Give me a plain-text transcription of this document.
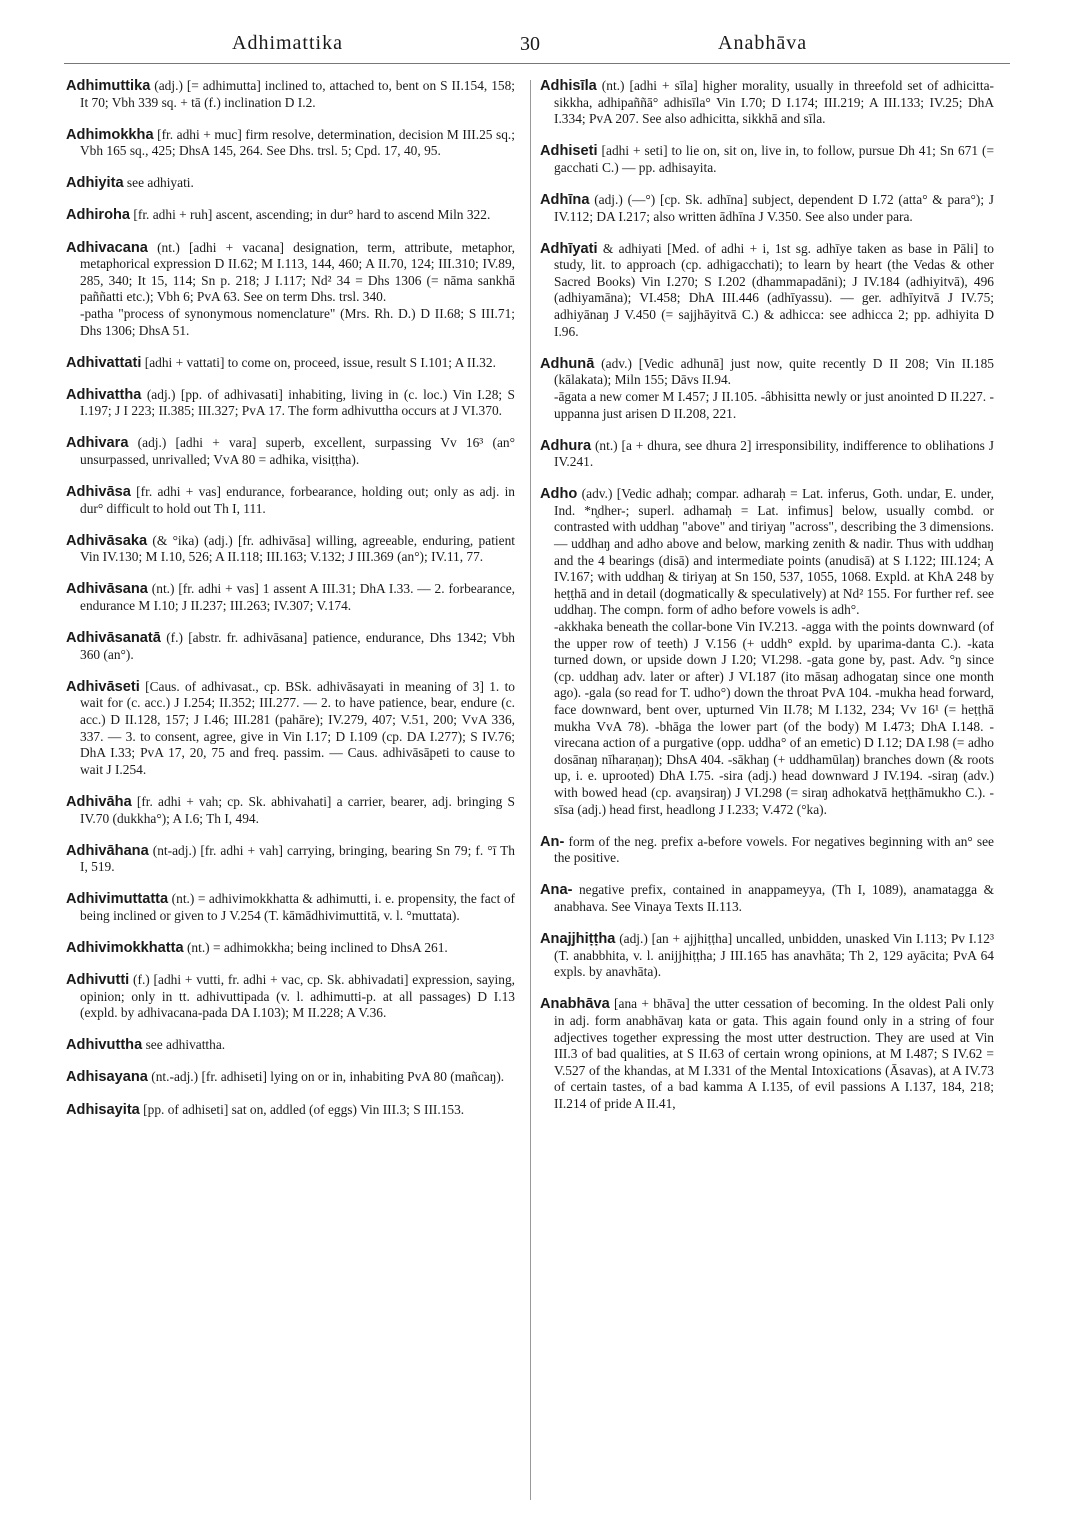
Adhimattika	30	Anabhāva

Adhimuttika (adj.) [= adhimutta] inclined to, attached to, bent on S II.154, 158; It 70; Vbh 339 sq. + tā (f.) inclination D I.2.

Adhimokkha [fr. adhi + muc] firm resolve, determination, decision M III.25 sq.; Vbh 165 sq., 425; DhsA 145, 264. See Dhs. trsl. 5; Cpd. 17, 40, 95.

Adhiyita see adhiyati.

Adhiroha [fr. adhi + ruh] ascent, ascending; in dur° hard to ascend Miln 322.

Adhivacana (nt.) [adhi + vacana] designation, term, attribute, metaphor, metaphorical expression D II.62; M I.113, 144, 460; A II.70, 124; III.310; IV.89, 285, 340; It 15, 114; Sn p. 218; J I.117; Nd² 34 = Dhs 1306 (= nāma sankhā paññatti etc.); Vbh 6; PvA 63. See on term Dhs. trsl. 340.
-patha "process of synonymous nomenclature" (Mrs. Rh. D.) D II.68; S III.71; Dhs 1306; DhsA 51.

Adhivattati [adhi + vattati] to come on, proceed, issue, result S I.101; A II.32.

Adhivattha (adj.) [pp. of adhivasati] inhabiting, living in (c. loc.) Vin I.28; S I.197; J I 223; II.385; III.327; PvA 17. The form adhivuttha occurs at J VI.370.

Adhivara (adj.) [adhi + vara] superb, excellent, surpassing Vv 16³ (an° unsurpassed, unrivalled; VvA 80 = adhika, visiṭṭha).

Adhivāsa [fr. adhi + vas] endurance, forbearance, holding out; only as adj. in dur° difficult to hold out Th I, 111.

Adhivāsaka (& °ika) (adj.) [fr. adhivāsa] willing, agreeable, enduring, patient Vin IV.130; M I.10, 526; A II.118; III.163; V.132; J III.369 (an°); IV.11, 77.

Adhivāsana (nt.) [fr. adhi + vas] 1 assent A III.31; DhA I.33. — 2. forbearance, endurance M I.10; J II.237; III.263; IV.307; V.174.

Adhivāsanatā (f.) [abstr. fr. adhivāsana] patience, endurance, Dhs 1342; Vbh 360 (an°).

Adhivāseti [Caus. of adhivasat., cp. BSk. adhivāsayati in meaning of 3] 1. to wait for (c. acc.) J I.254; II.352; III.277. — 2. to have patience, bear, endure (c. acc.) D II.128, 157; J I.46; III.281 (pahāre); IV.279, 407; V.51, 200; VvA 336, 337. — 3. to consent, agree, give in Vin I.17; D I.109 (cp. DA I.277); S IV.76; DhA I.33; PvA 17, 20, 75 and freq. passim. — Caus. adhivāsāpeti to cause to wait J I.254.

Adhivāha [fr. adhi + vah; cp. Sk. abhivahati] a carrier, bearer, adj. bringing S IV.70 (dukkha°); A I.6; Th I, 494.

Adhivāhana (nt-adj.) [fr. adhi + vah] carrying, bringing, bearing Sn 79; f. °ī Th I, 519.

Adhivimuttatta (nt.) = adhivimokkhatta & adhimutti, i. e. propensity, the fact of being inclined or given to J V.254 (T. kāmādhivimuttitā, v. l. °muttata).

Adhivimokkhatta (nt.) = adhimokkha; being inclined to DhsA 261.

Adhivutti (f.) [adhi + vutti, fr. adhi + vac, cp. Sk. abhivadati] expression, saying, opinion; only in tt. adhivuttipada (v. l. adhimutti-p. at all passages) D I.13 (expld. by adhivacana-pada DA I.103); M II.228; A V.36.

Adhivuttha see adhivattha.

Adhisayana (nt.-adj.) [fr. adhiseti] lying on or in, inhabiting PvA 80 (mañcaŋ).

Adhisayita [pp. of adhiseti] sat on, addled (of eggs) Vin III.3; S III.153.

Adhisīla (nt.) [adhi + sīla] higher morality, usually in threefold set of adhicitta-sikkha, adhipaññā° adhisīla° Vin I.70; D I.174; III.219; A III.133; IV.25; DhA I.334; PvA 207. See also adhicitta, sikkhā and sīla.

Adhiseti [adhi + seti] to lie on, sit on, live in, to follow, pursue Dh 41; Sn 671 (= gacchati C.) — pp. adhisayita.

Adhīna (adj.) (—°) [cp. Sk. adhīna] subject, dependent D I.72 (atta° & para°); J IV.112; DA I.217; also written ādhīna J V.350. See also under para.

Adhīyati & adhiyati [Med. of adhi + i, 1st sg. adhīye taken as base in Pāli] to study, lit. to approach (cp. adhigacchati); to learn by heart (the Vedas & other Sacred Books) Vin I.270; S I.202 (dhammapadāni); J IV.184 (adhiyitvā), 496 (adhiyamāna); VI.458; DhA III.446 (adhīyassu). — ger. adhīyitvā J IV.75; adhiyānaŋ J V.450 (= sajjhāyitvā C.) & adhicca: see adhicca 2; pp. adhiyita D I.96.

Adhunā (adv.) [Vedic adhunā] just now, quite recently D II 208; Vin II.185 (kālakata); Miln 155; Dāvs II.94.
-āgata a new comer M I.457; J II.105. -âbhisitta newly or just anointed D II.227. -uppanna just arisen D II.208, 221.

Adhura (nt.) [a + dhura, see dhura 2] irresponsibility, indifference to oblihations J IV.241.

Adho (adv.) [Vedic adhaḥ; compar. adharaḥ = Lat. inferus, Goth. undar, E. under, Ind. *n̥dher-; superl. adhamaḥ = Lat. infimus] below, usually combd. or contrasted with uddhaŋ "above" and tiriyaŋ "across", describing the 3 dimensions. — uddhaŋ and adho above and below, marking zenith & nadir. Thus with uddhaŋ and the 4 bearings (disā) and intermediate points (anudisā) at S I.122; III.124; A IV.167; with uddhaŋ & tiriyaŋ at Sn 150, 537, 1055, 1068. Expld. at KhA 248 by heṭṭhā and in detail (dogmatically & speculatively) at Nd² 155. For further ref. see uddhaŋ. The compn. form of adho before vowels is adh°.
-akkhaka beneath the collar-bone Vin IV.213. -agga with the points downward (of the upper row of teeth) J V.156 (+ uddh° expld. by uparima-danta C.). -kata turned down, or upside down J I.20; VI.298. -gata gone by, past. Adv. °ŋ since (cp. uddhaŋ adv. later or after) J VI.187 (ito māsaŋ adhogataŋ since one month ago). -gala (so read for T. udho°) down the throat PvA 104. -mukha head forward, face downward, bent over, upturned Vin II.78; M I.132, 234; Vv 16¹ (= heṭṭhā mukha VvA 78). -bhāga the lower part (of the body) M I.473; DhA I.148. -virecana action of a purgative (opp. uddha° of an emetic) D I.12; DA I.98 (= adho dosānaŋ nīharaṇaŋ); DhsA 404. -sākhaŋ (+ uddhamūlaŋ) branches down (& roots up, i. e. uprooted) DhA I.75. -sira (adj.) head downward J IV.194. -siraŋ (adv.) with bowed head (cp. avaŋsiraŋ) J VI.298 (= siraŋ adhokatvā heṭṭhāmukho C.). -sīsa (adj.) head first, headlong J I.233; V.472 (°ka).

An- form of the neg. prefix a-before vowels. For negatives beginning with an° see the positive.

Ana- negative prefix, contained in anappameyya, (Th I, 1089), anamatagga & anabhava. See Vinaya Texts II.113.

Anajjhiṭṭha (adj.) [an + ajjhiṭṭha] uncalled, unbidden, unasked Vin I.113; Pv I.12³ (T. anabbhita, v. l. anijjhiṭṭha; J III.165 has anavhāta; Th 2, 129 ayācita; PvA 64 expls. by anavhāta).

Anabhāva [ana + bhāva] the utter cessation of becoming. In the oldest Pali only in adj. form anabhāvaŋ kata or gata. This again found only in a string of four adjectives together expressing the most utter destruction. They are used at Vin III.3 of bad qualities, at S II.63 of certain wrong opinions, at M I.487; S IV.62 = V.527 of the khandas, at M I.331 of the Mental Intoxications (Āsavas), at A IV.73 of certain tastes, of a bad kamma A I.135, of evil passions A I.137, 184, 218; II.214 of pride A II.41,
